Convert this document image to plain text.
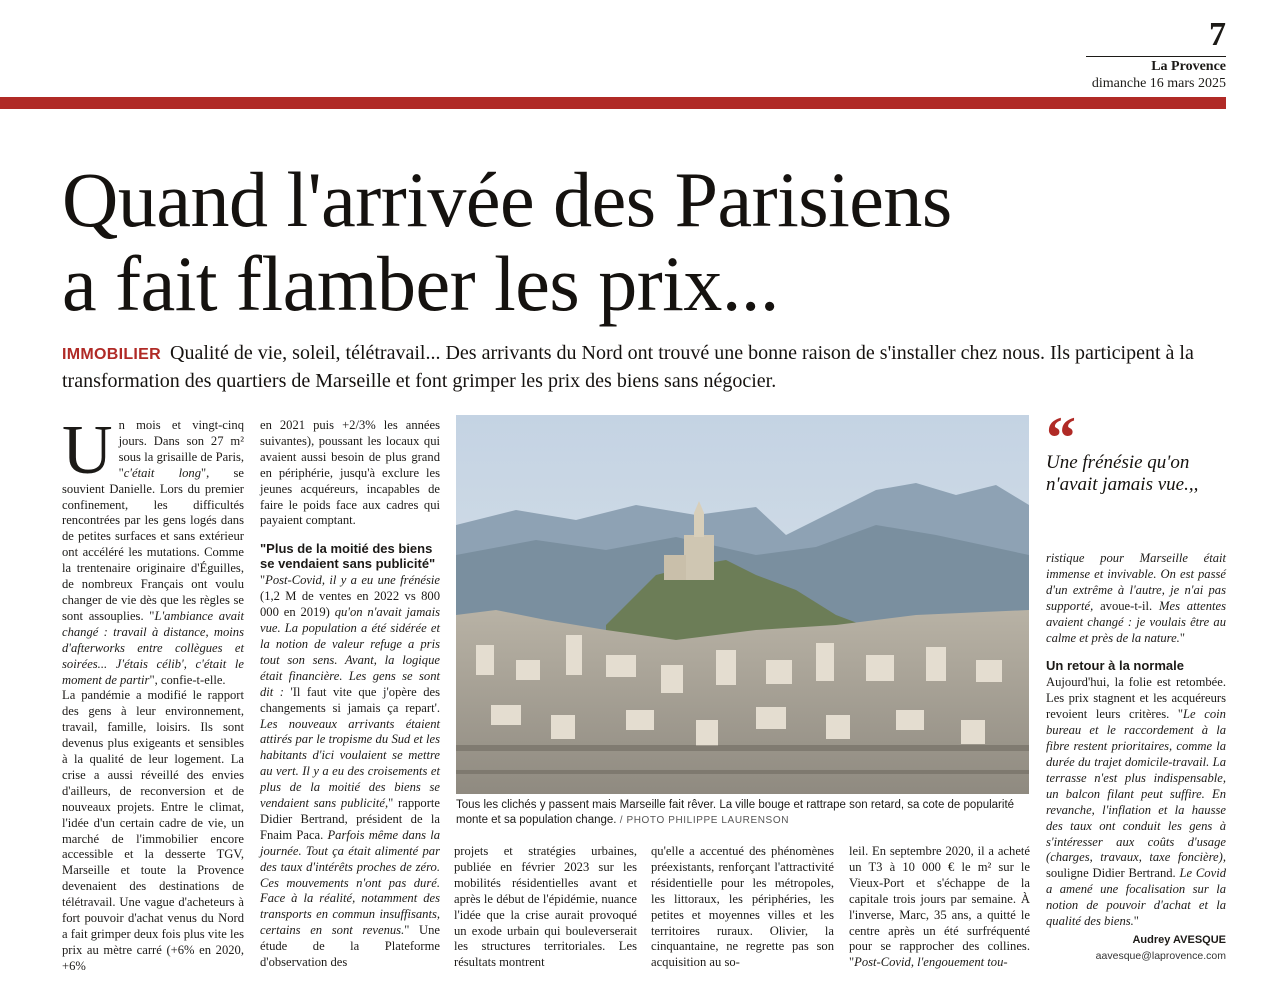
7
La Provence
dimanche 16 mars 2025
Quand l'arrivée des Parisiens
a fait flamber les prix...
IMMOBILIER Qualité de vie, soleil, télétravail... Des arrivants du Nord ont trouvé une bonne raison de s'installer chez nous. Ils participent à la transformation des quartiers de Marseille et font grimper les prix des biens sans négocier.

Un mois et vingt-cinq jours. Dans son 27 m² sous la grisaille de Paris, "c'était long", se souvient Danielle. Lors du premier confinement, les difficultés rencontrées par les gens logés dans de petites surfaces et sans extérieur ont accéléré les mutations. Comme la trentenaire originaire d'Éguilles, de nombreux Français ont voulu changer de vie dès que les règles se sont assouplies. "L'ambiance avait changé : travail à distance, moins d'afterworks entre collègues et soirées... J'étais célib', c'était le moment de partir", confie-t-elle.

La pandémie a modifié le rapport des gens à leur environnement, travail, famille, loisirs. Ils sont devenus plus exigeants et sensibles à la qualité de leur logement. La crise a aussi réveillé des envies d'ailleurs, de reconversion et de nouveaux projets. Entre le climat, l'idée d'un certain cadre de vie, un marché de l'immobilier encore accessible et la desserte TGV, Marseille et toute la Provence devenaient des destinations de télétravail. Une vague d'acheteurs à fort pouvoir d'achat venus du Nord a fait grimper deux fois plus vite les prix au mètre carré (+6% en 2020, +6%

en 2021 puis +2/3% les années suivantes), poussant les locaux qui avaient aussi besoin de plus grand en périphérie, jusqu'à exclure les jeunes acquéreurs, incapables de faire le poids face aux cadres qui payaient comptant.

"Plus de la moitié des biens se vendaient sans publicité"

"Post-Covid, il y a eu une frénésie (1,2 M de ventes en 2022 vs 800 000 en 2019) qu'on n'avait jamais vue. La population a été sidérée et la notion de valeur refuge a pris tout son sens. Avant, la logique était financière. Les gens se sont dit : 'Il faut vite que j'opère des changements si jamais ça repart'. Les nouveaux arrivants étaient attirés par le tropisme du Sud et les habitants d'ici voulaient se mettre au vert. Il y a eu des croisements et plus de la moitié des biens se vendaient sans publicité," rapporte Didier Bertrand, président de la Fnaim Paca. Parfois même dans la journée. Tout ça était alimenté par des taux d'intérêts proches de zéro. Ces mouvements n'ont pas duré. Face à la réalité, notamment des transports en commun insuffisants, certains en sont revenus." Une étude de la Plateforme d'observation des

Tous les clichés y passent mais Marseille fait rêver. La ville bouge et rattrape son retard, sa cote de popularité monte et sa population change. / PHOTO PHILIPPE LAURENSON

projets et stratégies urbaines, publiée en février 2023 sur les mobilités résidentielles avant et après le début de l'épidémie, nuance l'idée que la crise aurait provoqué un exode urbain qui bouleverserait les structures territoriales. Les résultats montrent

qu'elle a accentué des phénomènes préexistants, renforçant l'attractivité résidentielle pour les métropoles, les littoraux, les périphéries, les petites et moyennes villes et les territoires ruraux. Olivier, la cinquantaine, ne regrette pas son acquisition au so-

leil. En septembre 2020, il a acheté un T3 à 10 000 € le m² sur le Vieux-Port et s'échappe de la capitale trois jours par semaine. À l'inverse, Marc, 35 ans, a quitté le centre après un été surfréquenté pour se rapprocher des collines. "Post-Covid, l'engouement tou-

“
Une frénésie qu'on n'avait jamais vue.,,

ristique pour Marseille était immense et invivable. On est passé d'un extrême à l'autre, je n'ai pas supporté, avoue-t-il. Mes attentes avaient changé : je voulais être au calme et près de la nature."

Un retour à la normale

Aujourd'hui, la folie est retombée. Les prix stagnent et les acquéreurs revoient leurs critères. "Le coin bureau et le raccordement à la fibre restent prioritaires, comme la durée du trajet domicile-travail. La terrasse n'est plus indispensable, un balcon filant peut suffire. En revanche, l'inflation et la hausse des taux ont conduit les gens à s'intéresser aux coûts d'usage (charges, travaux, taxe foncière), souligne Didier Bertrand. Le Covid a amené une focalisation sur la notion de pouvoir d'achat et la qualité des biens."

Audrey AVESQUE
aavesque@laprovence.com
